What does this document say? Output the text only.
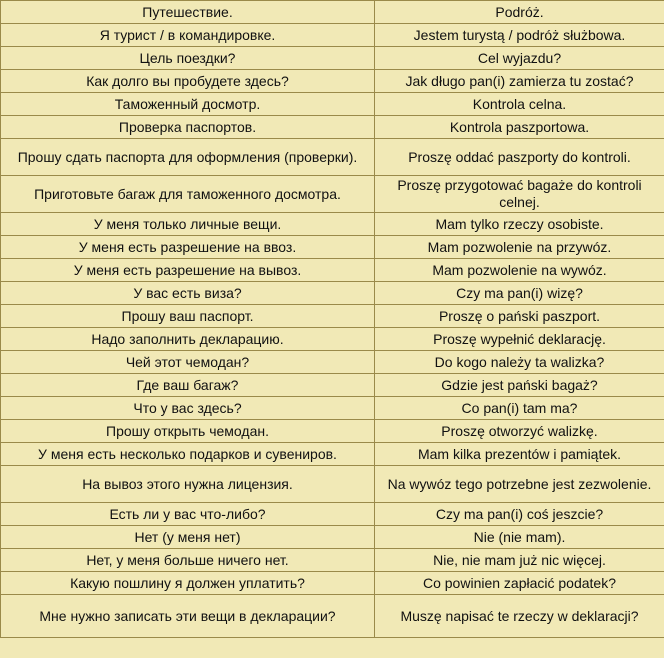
Путешествие.	Podróż.
Я турист / в командировке.	Jestem turystą / podróż służbowa.
Цель поездки?	Cel wyjazdu?
Как долго вы пробудете здесь?	Jak długo pan(i) zamierza tu zostać?
Таможенный досмотр.	Kontrola celna.
Проверка паспортов.	Kontrola paszportowa.
Прошу сдать паспорта для оформления (проверки).	Proszę oddać paszporty do kontroli.
Приготовьте багаж для таможенного досмотра.	Proszę przygotować bagaże do kontroli celnej.
У меня только личные вещи.	Mam tylko rzeczy osobiste.
У меня есть разрешение на ввоз.	Mam pozwolenie na przywóz.
У меня есть разрешение на вывоз.	Mam pozwolenie na wywóz.
У вас есть виза?	Czy ma pan(i) wizę?
Прошу ваш паспорт.	Proszę o pański paszport.
Надо заполнить декларацию.	Proszę wypełnić deklarację.
Чей этот чемодан?	Do kogo należy ta walizka?
Где ваш багаж?	Gdzie jest pański bagaż?
Что у вас здесь?	Co pan(i) tam ma?
Прошу открыть чемодан.	Proszę otworzyć walizkę.
У меня есть несколько подарков и сувениров.	Mam kilka prezentów i pamiątek.
На вывоз этого нужна лицензия.	Na wywóz tego potrzebne jest zezwolenie.
Есть ли у вас что-либо?	Czy ma pan(i) coś jeszcie?
Нет (у меня нет)	Nie (nie mam).
Нет, у меня больше ничего нет.	Nie, nie mam już nic więcej.
Какую пошлину я должен уплатить?	Co powinien zapłacić podatek?
Мне нужно записать эти вещи в декларации?	Muszę napisać te rzeczy w deklaracji?
